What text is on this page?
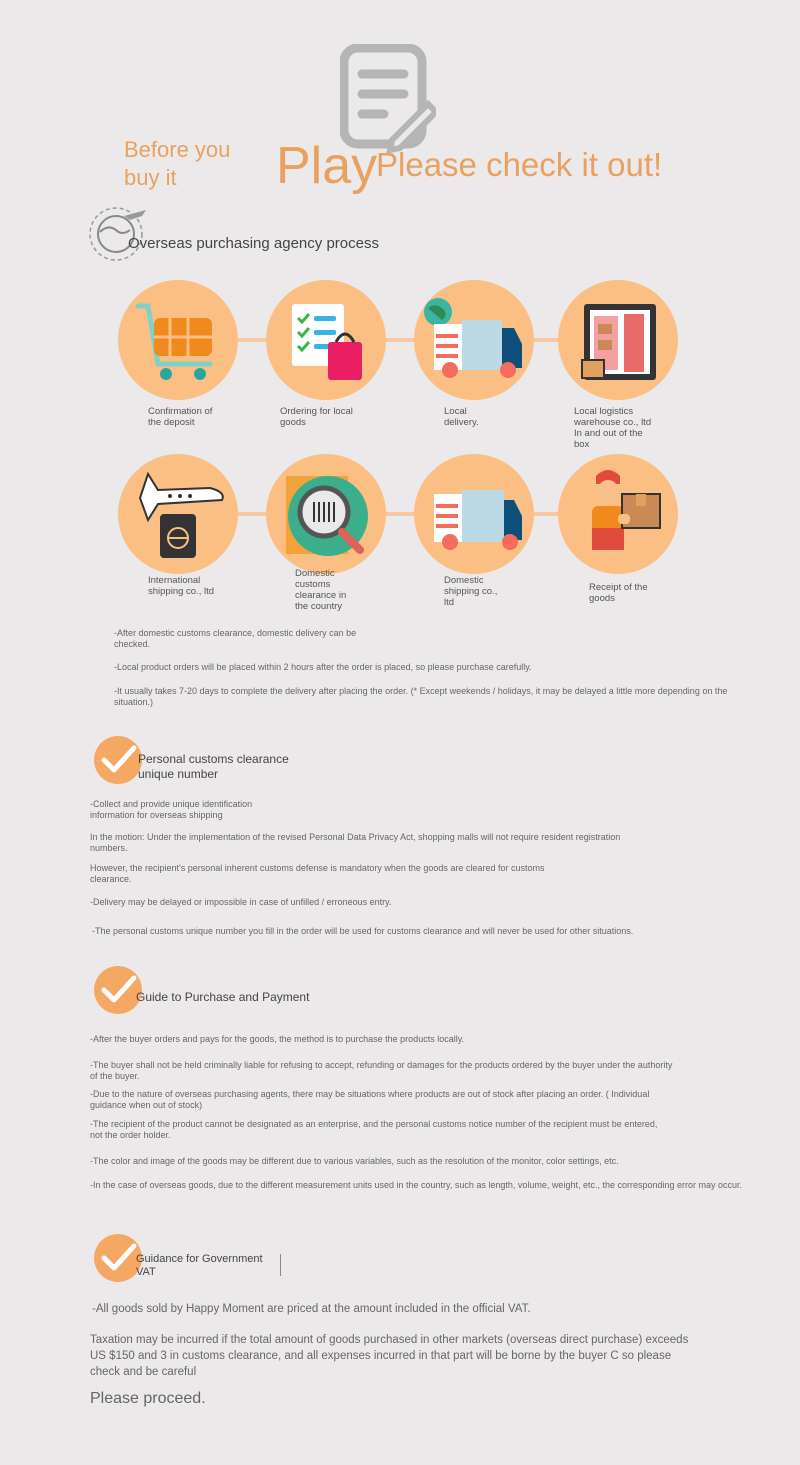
Before you buy it	Play
Please check it out!
Overseas purchasing agency process
Confirmation of the deposit
Ordering for local goods
Local delivery.
Local logistics warehouse co., ltd In and out of the box
International shipping co., ltd
Domestic customs clearance in the country
Domestic shipping co., ltd
Receipt of the goods
-After domestic customs clearance, domestic delivery can be checked.
-Local product orders will be placed within 2 hours after the order is placed, so please purchase carefully.
-It usually takes 7-20 days to complete the delivery after placing the order. (* Except weekends / holidays, it may be delayed a little more depending on the situation.)
Personal customs clearance unique number
-Collect and provide unique identification information for overseas shipping
In the motion: Under the implementation of the revised Personal Data Privacy Act, shopping malls will not require resident registration numbers.
However, the recipient's personal inherent customs defense is mandatory when the goods are cleared for customs clearance.
-Delivery may be delayed or impossible in case of unfilled / erroneous entry.
-The personal customs unique number you fill in the order will be used for customs clearance and will never be used for other situations.
Guide to Purchase and Payment
-After the buyer orders and pays for the goods, the method is to purchase the products locally.
-The buyer shall not be held criminally liable for refusing to accept, refunding or damages for the products ordered by the buyer under the authority of the buyer.
-Due to the nature of overseas purchasing agents, there may be situations where products are out of stock after placing an order. ( Individual guidance when out of stock)
-The recipient of the product cannot be designated as an enterprise, and the personal customs notice number of the recipient must be entered, not the order holder.
-The color and image of the goods may be different due to various variables, such as the resolution of the monitor, color settings, etc.
-In the case of overseas goods, due to the different measurement units used in the country, such as length, volume, weight, etc., the corresponding error may occur.
Guidance for Government VAT
-All goods sold by Happy Moment are priced at the amount included in the official VAT.
Taxation may be incurred if the total amount of goods purchased in other markets (overseas direct purchase) exceeds US $150 and 3 in customs clearance, and all expenses incurred in that part will be borne by the buyer C so please check and be careful
Please proceed.
